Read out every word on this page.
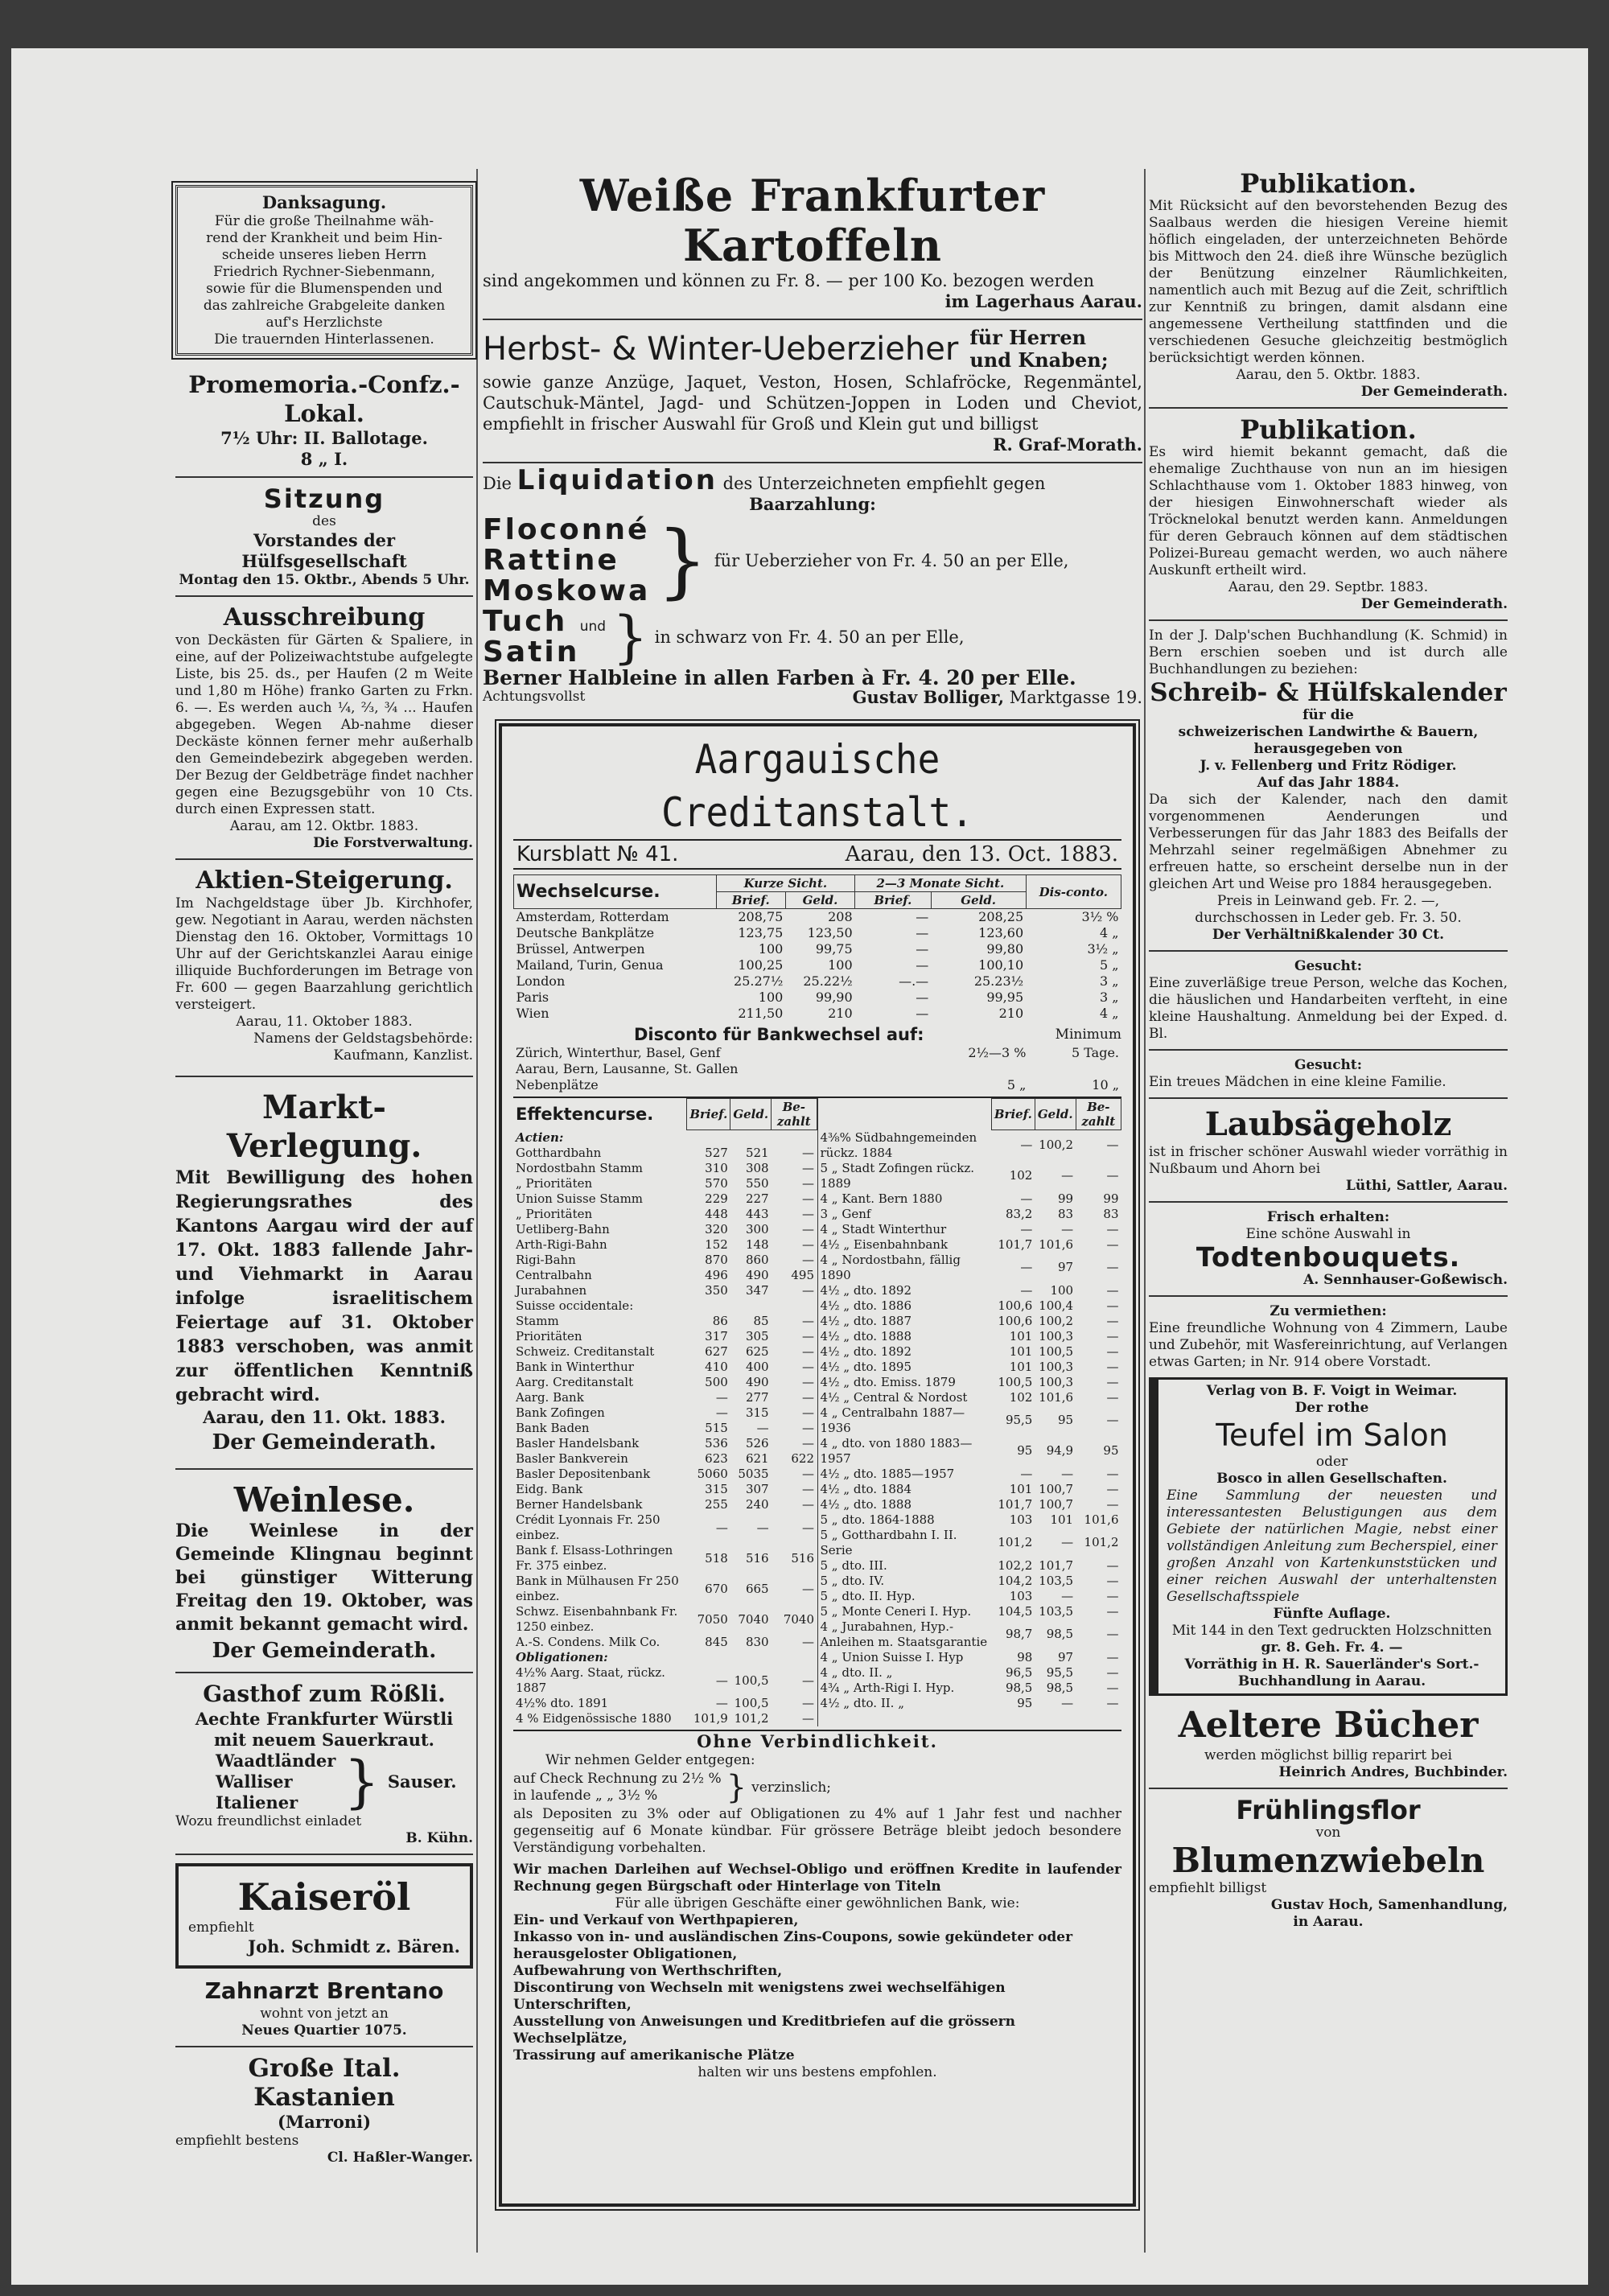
Danksagung.

Für die große Theilnahme wäh-

rend der Krankheit und beim Hin-

scheide unseres lieben Herrn

Friedrich Rychner-Siebenmann,

sowie für die Blumenspenden und

das zahlreiche Grabgeleite danken

auf's Herzlichste

Die trauernden Hinterlassenen.

Promemoria.-Confz.-Lokal.

7½ Uhr: II. Ballotage.

8 „ I.

Sitzung

des

Vorstandes der Hülfsgesellschaft

Montag den 15. Oktbr., Abends 5 Uhr.

Ausschreibung

von Deckästen für Gärten & Spaliere, in eine, auf der Polizeiwachtstube aufgelegte Liste, bis 25. ds., per Haufen (2 m Weite und 1,80 m Höhe) franko Garten zu Frkn. 6. —. Es werden auch ¼, ⅔, ¾ ... Haufen abgegeben. Wegen Ab-nahme dieser Deckäste können ferner mehr außerhalb den Gemeindebezirk abgegeben werden. Der Bezug der Geldbeträge findet nachher gegen eine Bezugsgebühr von 10 Cts. durch einen Expressen statt.

Aarau, am 12. Oktbr. 1883.

Die Forstverwaltung.

Aktien-Steigerung.

Im Nachgeldstage über Jb. Kirchhofer, gew. Negotiant in Aarau, werden nächsten Dienstag den 16. Oktober, Vormittags 10 Uhr auf der Gerichtskanzlei Aarau einige illiquide Buchforderungen im Betrage von Fr. 600 — gegen Baarzahlung gerichtlich versteigert.

Aarau, 11. Oktober 1883.

Namens der Geldstagsbehörde:

Kaufmann, Kanzlist.

Markt-Verlegung.

Mit Bewilligung des hohen Regierungsrathes des Kantons Aargau wird der auf 17. Okt. 1883 fallende Jahr- und Viehmarkt in Aarau infolge israelitischem Feiertage auf 31. Oktober 1883 verschoben, was anmit zur öffentlichen Kenntniß gebracht wird.

Aarau, den 11. Okt. 1883.

Der Gemeinderath.

Weinlese.

Die Weinlese in der Gemeinde Klingnau beginnt bei günstiger Witterung Freitag den 19. Oktober, was anmit bekannt gemacht wird.

Der Gemeinderath.

Gasthof zum Rößli.

Aechte Frankfurter Würstli

mit neuem Sauerkraut.

Waadtländer

Walliser

Italiener } Sauser.

Wozu freundlichst einladet

B. Kühn.

Kaiseröl

empfiehlt

Joh. Schmidt z. Bären.

Zahnarzt Brentano

wohnt von jetzt an

Neues Quartier 1075.

Große Ital. Kastanien

(Marroni)

empfiehlt bestens

Cl. Haßler-Wanger.

Weiße Frankfurter Kartoffeln

sind angekommen und können zu Fr. 8. — per 100 Ko. bezogen werden

im Lagerhaus Aarau.

Herbst- & Winter-Ueberzieher für Herren

und Knaben;

sowie ganze Anzüge, Jaquet, Veston, Hosen, Schlafröcke, Regenmäntel, Cautschuk-Mäntel, Jagd- und Schützen-Joppen in Loden und Cheviot, empfiehlt in frischer Auswahl für Groß und Klein gut und billigst

R. Graf-Morath.

Die Liquidation des Unterzeichneten empfiehlt gegen

Baarzahlung:

Floconné

Rattine

Moskowa } für Ueberzieher von Fr. 4. 50 an per Elle,

Tuch und

Satin } in schwarz von Fr. 4. 50 an per Elle,

Berner Halbleine in allen Farben à Fr. 4. 20 per Elle.

Achtungsvollst	Gustav Bolliger, Marktgasse 19.

Aargauische Creditanstalt.

Kursblatt № 41.	Aarau, den 13. Oct. 1883.
Wechselcurse.	Kurze Sicht.		2—3 Monate Sicht.		Dis-conto.
	Brief.	Geld.	Brief.	Geld.	
Amsterdam, Rotterdam	208,75	208	—	208,25	3½ %
Deutsche Bankplätze	123,75	123,50	—	123,60	4 „
Brüssel, Antwerpen	100	99,75	—	99,80	3½ „
Mailand, Turin, Genua	100,25	100	—	100,10	5 „
London	25.27½	25.22½	—.—	25.23½	3 „
Paris	100	99,90	—	99,95	3 „
Wien	211,50	210	—	210	4 „

Disconto für Bankwechsel auf:	Minimum

Zürich, Winterthur, Basel, Genf	2½—3 %	5 Tage.
Aarau, Bern, Lausanne, St. Gallen		
Nebenplätze	5 „	10 „
Effektencurse.	Brief.	Geld.	Be-zahlt
Actien:			
Gotthardbahn	527	521	—
Nordostbahn Stamm	310	308	—
„ Prioritäten	570	550	—
Union Suisse Stamm	229	227	—
„ Prioritäten	448	443	—
Uetliberg-Bahn	320	300	—
Arth-Rigi-Bahn	152	148	—
Rigi-Bahn	870	860	—
Centralbahn	496	490	495
Jurabahnen	350	347	—
Suisse occidentale:			
Stamm	86	85	—
Prioritäten	317	305	—

Schweiz. Creditanstalt	627	625	—
Bank in Winterthur	410	400	—
Aarg. Creditanstalt	500	490	—
Aarg. Bank	—	277	—
Bank Zofingen	—	315	—
Bank Baden	515	—	—
Basler Handelsbank	536	526	—
Basler Bankverein	623	621	622
Basler Depositenbank	5060	5035	—
Eidg. Bank	315	307	—
Berner Handelsbank	255	240	—
Crédit Lyonnais Fr. 250 einbez.	—	—	—
Bank f. Elsass-Lothringen Fr. 375 einbez.	518	516	516
Bank in Mülhausen Fr 250 einbez.	670	665	—
Schwz. Eisenbahnbank Fr. 1250 einbez.	7050	7040	7040
A.-S. Condens. Milk Co.	845	830	—
Obligationen:			
4½% Aarg. Staat, rückz. 1887	—	100,5	—
4½% dto. 1891	—	100,5	—
4 % Eidgenössische 1880	101,9	101,2	—
	Brief.	Geld.	Be-zahlt
4⅜% Südbahngemeinden rückz. 1884	—	100,2	—
5 „ Stadt Zofingen rückz. 1889	102	—	—
4 „ Kant. Bern 1880	—	99	99
3 „ Genf	83,2	83	83
4 „ Stadt Winterthur	—	—	—
4½ „ Eisenbahnbank	101,7	101,6	—
4 „ Nordostbahn, fällig 1890	—	97	—
4½ „ dto. 1892	—	100	—
4½ „ dto. 1886	100,6	100,4	—
4½ „ dto. 1887	100,6	100,2	—
4½ „ dto. 1888	101	100,3	—
4½ „ dto. 1892	101	100,5	—
4½ „ dto. 1895	101	100,3	—
4½ „ dto. Emiss. 1879	100,5	100,3	—
4½ „ Central & Nordost	102	101,6	—
4 „ Centralbahn 1887—1936	95,5	95	—
4 „ dto. von 1880 1883—1957	95	94,9	95
4½ „ dto. 1885—1957	—	—	—
4½ „ dto. 1884	101	100,7	—
4½ „ dto. 1888	101,7	100,7	—
5 „ dto. 1864-1888	103	101	101,6
5 „ Gotthardbahn I. II. Serie	101,2	—	101,2
5 „ dto. III.	102,2	101,7	—
5 „ dto. IV.	104,2	103,5	—
5 „ dto. II. Hyp.	103	—	—
5 „ Monte Ceneri I. Hyp.	104,5	103,5	—
4 „ Jurabahnen, Hyp.-Anleihen m. Staatsgarantie	98,7	98,5	—
4 „ Union Suisse I. Hyp	98	97	—
4 „ dto. II. „	96,5	95,5	—
4¾ „ Arth-Rigi I. Hyp.	98,5	98,5	—
4½ „ dto. II. „	95	—	—

Ohne Verbindlichkeit.

Wir nehmen Gelder entgegen:

auf Check Rechnung zu 2½ %

in laufende „ „ 3½ %	} verzinslich;

als Depositen zu 3% oder auf Obligationen zu 4% auf 1 Jahr fest und nachher gegenseitig auf 6 Monate kündbar. Für grössere Beträge bleibt jedoch besondere Verständigung vorbehalten.

Wir machen Darleihen auf Wechsel-Obligo und eröffnen Kredite in laufender Rechnung gegen Bürgschaft oder Hinterlage von Titeln

Für alle übrigen Geschäfte einer gewöhnlichen Bank, wie:

Ein- und Verkauf von Werthpapieren,

Inkasso von in- und ausländischen Zins-Coupons, sowie gekündeter oder herausgeloster Obligationen,

Aufbewahrung von Werthschriften,

Discontirung von Wechseln mit wenigstens zwei wechselfähigen Unterschriften,

Ausstellung von Anweisungen und Kreditbriefen auf die grössern Wechselplätze,

Trassirung auf amerikanische Plätze

halten wir uns bestens empfohlen.

Publikation.

Mit Rücksicht auf den bevorstehenden Bezug des Saalbaus werden die hiesigen Vereine hiemit höflich eingeladen, der unterzeichneten Behörde bis Mittwoch den 24. dieß ihre Wünsche bezüglich der Benützung einzelner Räumlichkeiten, namentlich auch mit Bezug auf die Zeit, schriftlich zur Kenntniß zu bringen, damit alsdann eine angemessene Vertheilung stattfinden und die verschiedenen Gesuche gleichzeitig bestmöglich berücksichtigt werden können.

Aarau, den 5. Oktbr. 1883.

Der Gemeinderath.

Publikation.

Es wird hiemit bekannt gemacht, daß die ehemalige Zuchthause von nun an im hiesigen Schlachthause vom 1. Oktober 1883 hinweg, von der hiesigen Einwohnerschaft wieder als Tröcknelokal benutzt werden kann. Anmeldungen für deren Gebrauch können auf dem städtischen Polizei-Bureau gemacht werden, wo auch nähere Auskunft ertheilt wird.

Aarau, den 29. Septbr. 1883.

Der Gemeinderath.

In der J. Dalp'schen Buchhandlung (K. Schmid) in Bern erschien soeben und ist durch alle Buchhandlungen zu beziehen:

Schreib- & Hülfskalender

für die

schweizerischen Landwirthe & Bauern,

herausgegeben von

J. v. Fellenberg und Fritz Rödiger.

Auf das Jahr 1884.

Da sich der Kalender, nach den damit vorgenommenen Aenderungen und Verbesserungen für das Jahr 1883 des Beifalls der Mehrzahl seiner regelmäßigen Abnehmer zu erfreuen hatte, so erscheint derselbe nun in der gleichen Art und Weise pro 1884 herausgegeben.

Preis in Leinwand geb. Fr. 2. —,

durchschossen in Leder geb. Fr. 3. 50.

Der Verhältnißkalender 30 Ct.

Gesucht:

Eine zuverläßige treue Person, welche das Kochen, die häuslichen und Handarbeiten verfteht, in eine kleine Haushaltung. Anmeldung bei der Exped. d. Bl.

Gesucht:

Ein treues Mädchen in eine kleine Familie.

Laubsägeholz

ist in frischer schöner Auswahl wieder vorräthig in Nußbaum und Ahorn bei

Lüthi, Sattler, Aarau.

Frisch erhalten:

Eine schöne Auswahl in

Todtenbouquets.

A. Sennhauser-Goßewisch.

Zu vermiethen:

Eine freundliche Wohnung von 4 Zimmern, Laube und Zubehör, mit Wasfereinrichtung, auf Verlangen etwas Garten; in Nr. 914 obere Vorstadt.

Verlag von B. F. Voigt in Weimar.

Der rothe

Teufel im Salon

oder

Bosco in allen Gesellschaften.

Eine Sammlung der neuesten und interessantesten Belustigungen aus dem Gebiete der natürlichen Magie, nebst einer vollständigen Anleitung zum Becherspiel, einer großen Anzahl von Kartenkunststücken und einer reichen Auswahl der unterhaltensten Gesellschaftsspiele

Fünfte Auflage.

Mit 144 in den Text gedruckten Holzschnitten

gr. 8. Geh. Fr. 4. —

Vorräthig in H. R. Sauerländer's Sort.-Buchhandlung in Aarau.

Aeltere Bücher

werden möglichst billig reparirt bei

Heinrich Andres, Buchbinder.

Frühlingsflor

von

Blumenzwiebeln

empfiehlt billigst

Gustav Hoch, Samenhandlung,

in Aarau.
